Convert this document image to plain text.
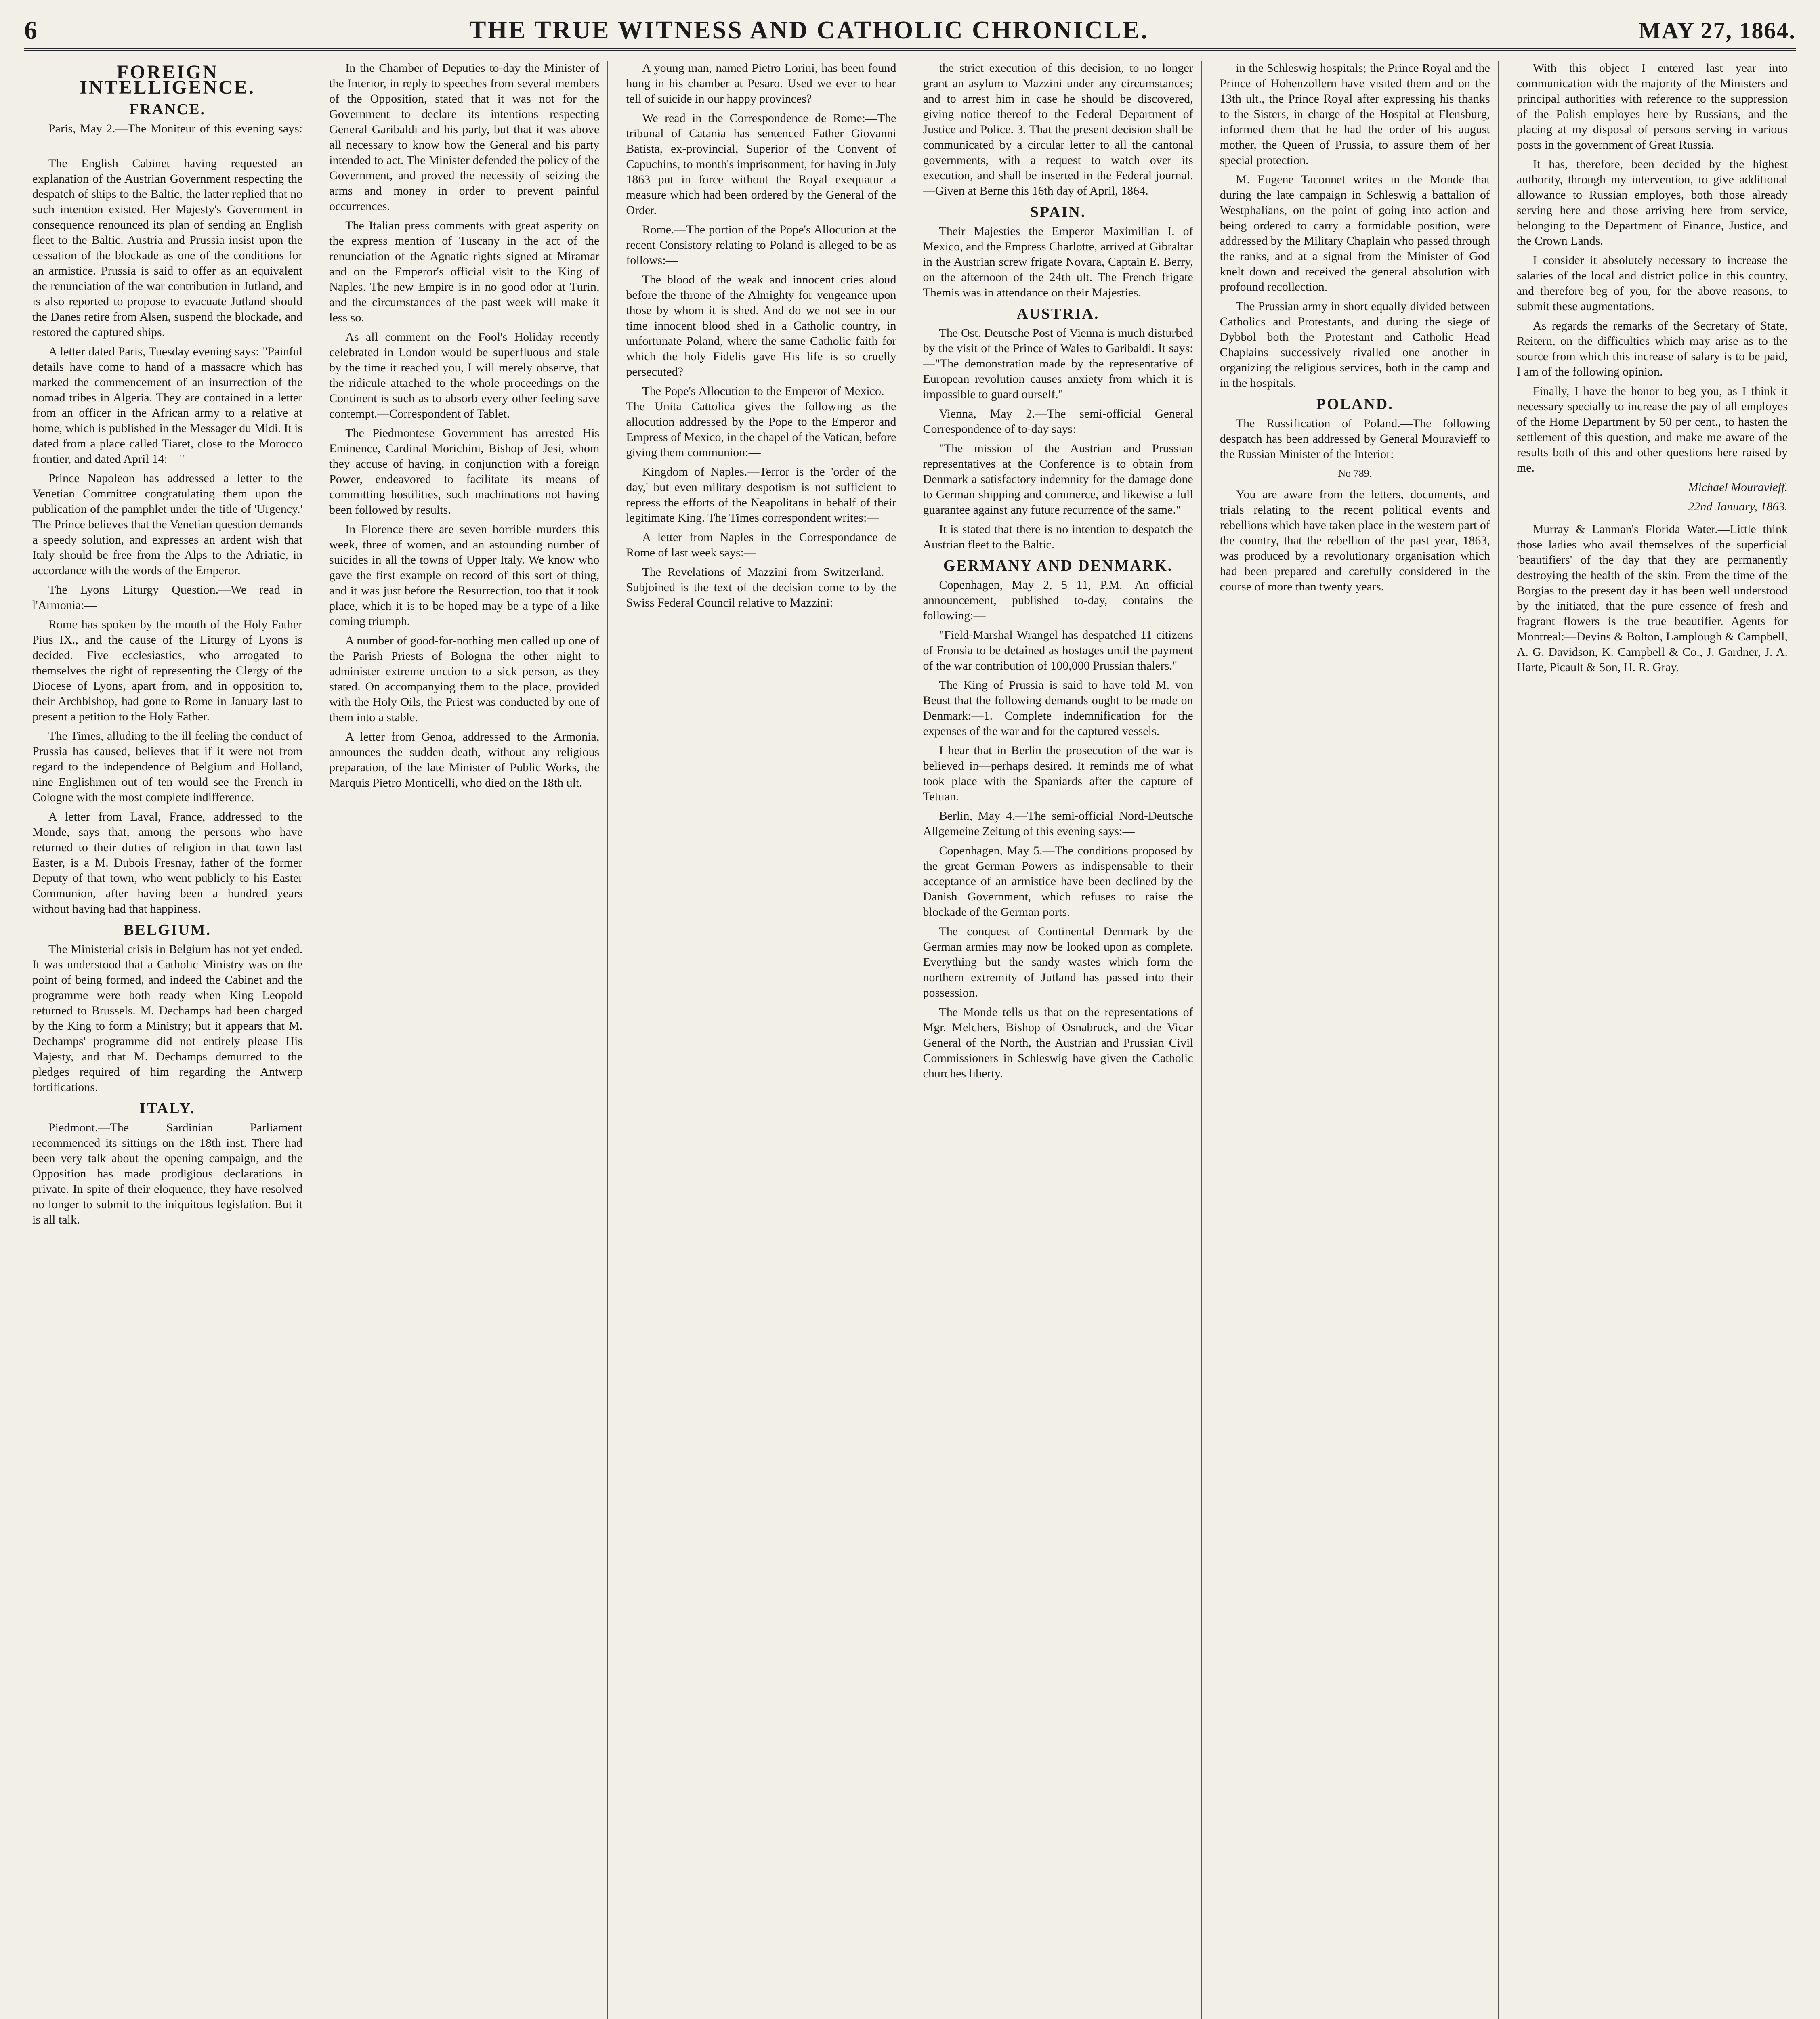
6	THE TRUE WITNESS AND CATHOLIC CHRONICLE.	MAY 27, 1864.
FOREIGN INTELLIGENCE.
FRANCE.

Paris, May 2.—The Moniteur of this evening says:—

The English Cabinet having requested an explanation of the Austrian Government respecting the despatch of ships to the Baltic, the latter replied that no such intention existed. Her Majesty's Government in consequence renounced its plan of sending an English fleet to the Baltic. Austria and Prussia insist upon the cessation of the blockade as one of the conditions for an armistice. Prussia is said to offer as an equivalent the renunciation of the war contribution in Jutland, and is also reported to propose to evacuate Jutland should the Danes retire from Alsen, suspend the blockade, and restored the captured ships.

A letter dated Paris, Tuesday evening says: "Painful details have come to hand of a massacre which has marked the commencement of an insurrection of the nomad tribes in Algeria. They are contained in a letter from an officer in the African army to a relative at home, which is published in the Messager du Midi. It is dated from a place called Tiaret, close to the Morocco frontier, and dated April 14:—"

Prince Napoleon has addressed a letter to the Venetian Committee congratulating them upon the publication of the pamphlet under the title of 'Urgency.' The Prince believes that the Venetian question demands a speedy solution, and expresses an ardent wish that Italy should be free from the Alps to the Adriatic, in accordance with the words of the Emperor.

The Lyons Liturgy Question.—We read in l'Armonia:—

Rome has spoken by the mouth of the Holy Father Pius IX., and the cause of the Liturgy of Lyons is decided. Five ecclesiastics, who arrogated to themselves the right of representing the Clergy of the Diocese of Lyons, apart from, and in opposition to, their Archbishop, had gone to Rome in January last to present a petition to the Holy Father.

The Times, alluding to the ill feeling the conduct of Prussia has caused, believes that if it were not from regard to the independence of Belgium and Holland, nine Englishmen out of ten would see the French in Cologne with the most complete indifference.

A letter from Laval, France, addressed to the Monde, says that, among the persons who have returned to their duties of religion in that town last Easter, is a M. Dubois Fresnay, father of the former Deputy of that town, who went publicly to his Easter Communion, after having been a hundred years without having had that happiness.

BELGIUM.

The Ministerial crisis in Belgium has not yet ended. It was understood that a Catholic Ministry was on the point of being formed, and indeed the Cabinet and the programme were both ready when King Leopold returned to Brussels. M. Dechamps had been charged by the King to form a Ministry; but it appears that M. Dechamps' programme did not entirely please His Majesty, and that M. Dechamps demurred to the pledges required of him regarding the Antwerp fortifications.

ITALY.

Piedmont.—The Sardinian Parliament recommenced its sittings on the 18th inst. There had been very talk about the opening campaign, and the Opposition has made prodigious declarations in private. In spite of their eloquence, they have resolved no longer to submit to the iniquitous legislation. But it is all talk.

In the Chamber of Deputies to-day the Minister of the Interior, in reply to speeches from several members of the Opposition, stated that it was not for the Government to declare its intentions respecting General Garibaldi and his party, but that it was above all necessary to know how the General and his party intended to act. The Minister defended the policy of the Government, and proved the necessity of seizing the arms and money in order to prevent painful occurrences.

The Italian press comments with great asperity on the express mention of Tuscany in the act of the renunciation of the Agnatic rights signed at Miramar and on the Emperor's official visit to the King of Naples. The new Empire is in no good odor at Turin, and the circumstances of the past week will make it less so.

As all comment on the Fool's Holiday recently celebrated in London would be superfluous and stale by the time it reached you, I will merely observe, that the ridicule attached to the whole proceedings on the Continent is such as to absorb every other feeling save contempt.—Correspondent of Tablet.

The Piedmontese Government has arrested His Eminence, Cardinal Morichini, Bishop of Jesi, whom they accuse of having, in conjunction with a foreign Power, endeavored to facilitate its means of committing hostilities, such machinations not having been followed by results.

In Florence there are seven horrible murders this week, three of women, and an astounding number of suicides in all the towns of Upper Italy. We know who gave the first example on record of this sort of thing, and it was just before the Resurrection, too that it took place, which it is to be hoped may be a type of a like coming triumph.

A number of good-for-nothing men called up one of the Parish Priests of Bologna the other night to administer extreme unction to a sick person, as they stated. On accompanying them to the place, provided with the Holy Oils, the Priest was conducted by one of them into a stable.

A letter from Genoa, addressed to the Armonia, announces the sudden death, without any religious preparation, of the late Minister of Public Works, the Marquis Pietro Monticelli, who died on the 18th ult.

A young man, named Pietro Lorini, has been found hung in his chamber at Pesaro. Used we ever to hear tell of suicide in our happy provinces?

We read in the Correspondence de Rome:—The tribunal of Catania has sentenced Father Giovanni Batista, ex-provincial, Superior of the Convent of Capuchins, to month's imprisonment, for having in July 1863 put in force without the Royal exequatur a measure which had been ordered by the General of the Order.

Rome.—The portion of the Pope's Allocution at the recent Consistory relating to Poland is alleged to be as follows:—

The blood of the weak and innocent cries aloud before the throne of the Almighty for vengeance upon those by whom it is shed. And do we not see in our time innocent blood shed in a Catholic country, in unfortunate Poland, where the same Catholic faith for which the holy Fidelis gave His life is so cruelly persecuted?

The Pope's Allocution to the Emperor of Mexico.—The Unita Cattolica gives the following as the allocution addressed by the Pope to the Emperor and Empress of Mexico, in the chapel of the Vatican, before giving them communion:—

Kingdom of Naples.—Terror is the 'order of the day,' but even military despotism is not sufficient to repress the efforts of the Neapolitans in behalf of their legitimate King. The Times correspondent writes:—

A letter from Naples in the Correspondance de Rome of last week says:—

The Revelations of Mazzini from Switzerland.—Subjoined is the text of the decision come to by the Swiss Federal Council relative to Mazzini:

the strict execution of this decision, to no longer grant an asylum to Mazzini under any circumstances; and to arrest him in case he should be discovered, giving notice thereof to the Federal Department of Justice and Police. 3. That the present decision shall be communicated by a circular letter to all the cantonal governments, with a request to watch over its execution, and shall be inserted in the Federal journal.—Given at Berne this 16th day of April, 1864.

SPAIN.

Their Majesties the Emperor Maximilian I. of Mexico, and the Empress Charlotte, arrived at Gibraltar in the Austrian screw frigate Novara, Captain E. Berry, on the afternoon of the 24th ult. The French frigate Themis was in attendance on their Majesties.

AUSTRIA.

The Ost. Deutsche Post of Vienna is much disturbed by the visit of the Prince of Wales to Garibaldi. It says:—"The demonstration made by the representative of European revolution causes anxiety from which it is impossible to guard ourself."

Vienna, May 2.—The semi-official General Correspondence of to-day says:—

"The mission of the Austrian and Prussian representatives at the Conference is to obtain from Denmark a satisfactory indemnity for the damage done to German shipping and commerce, and likewise a full guarantee against any future recurrence of the same."

It is stated that there is no intention to despatch the Austrian fleet to the Baltic.

GERMANY AND DENMARK.

Copenhagen, May 2, 5 11, P.M.—An official announcement, published to-day, contains the following:—

"Field-Marshal Wrangel has despatched 11 citizens of Fronsia to be detained as hostages until the payment of the war contribution of 100,000 Prussian thalers."

The King of Prussia is said to have told M. von Beust that the following demands ought to be made on Denmark:—1. Complete indemnification for the expenses of the war and for the captured vessels.

I hear that in Berlin the prosecution of the war is believed in—perhaps desired. It reminds me of what took place with the Spaniards after the capture of Tetuan.

Berlin, May 4.—The semi-official Nord-Deutsche Allgemeine Zeitung of this evening says:—

Copenhagen, May 5.—The conditions proposed by the great German Powers as indispensable to their acceptance of an armistice have been declined by the Danish Government, which refuses to raise the blockade of the German ports.

The conquest of Continental Denmark by the German armies may now be looked upon as complete. Everything but the sandy wastes which form the northern extremity of Jutland has passed into their possession.

The Monde tells us that on the representations of Mgr. Melchers, Bishop of Osnabruck, and the Vicar General of the North, the Austrian and Prussian Civil Commissioners in Schleswig have given the Catholic churches liberty.

in the Schleswig hospitals; the Prince Royal and the Prince of Hohenzollern have visited them and on the 13th ult., the Prince Royal after expressing his thanks to the Sisters, in charge of the Hospital at Flensburg, informed them that he had the order of his august mother, the Queen of Prussia, to assure them of her special protection.

M. Eugene Taconnet writes in the Monde that during the late campaign in Schleswig a battalion of Westphalians, on the point of going into action and being ordered to carry a formidable position, were addressed by the Military Chaplain who passed through the ranks, and at a signal from the Minister of God knelt down and received the general absolution with profound recollection.

The Prussian army in short equally divided between Catholics and Protestants, and during the siege of Dybbol both the Protestant and Catholic Head Chaplains successively rivalled one another in organizing the religious services, both in the camp and in the hospitals.

POLAND.

The Russification of Poland.—The following despatch has been addressed by General Mouravieff to the Russian Minister of the Interior:—

No 789.

You are aware from the letters, documents, and trials relating to the recent political events and rebellions which have taken place in the western part of the country, that the rebellion of the past year, 1863, was produced by a revolutionary organisation which had been prepared and carefully considered in the course of more than twenty years.

With this object I entered last year into communication with the majority of the Ministers and principal authorities with reference to the suppression of the Polish employes here by Russians, and the placing at my disposal of persons serving in various posts in the government of Great Russia.

It has, therefore, been decided by the highest authority, through my intervention, to give additional allowance to Russian employes, both those already serving here and those arriving here from service, belonging to the Department of Finance, Justice, and the Crown Lands.

I consider it absolutely necessary to increase the salaries of the local and district police in this country, and therefore beg of you, for the above reasons, to submit these augmentations.

As regards the remarks of the Secretary of State, Reitern, on the difficulties which may arise as to the source from which this increase of salary is to be paid, I am of the following opinion.

Finally, I have the honor to beg you, as I think it necessary specially to increase the pay of all employes of the Home Department by 50 per cent., to hasten the settlement of this question, and make me aware of the results both of this and other questions here raised by me.

Michael Mouravieff.

22nd January, 1863.

Murray & Lanman's Florida Water.—Little think those ladies who avail themselves of the superficial 'beautifiers' of the day that they are permanently destroying the health of the skin. From the time of the Borgias to the present day it has been well understood by the initiated, that the pure essence of fresh and fragrant flowers is the true beautifier. Agents for Montreal:—Devins & Bolton, Lamplough & Campbell, A. G. Davidson, K. Campbell & Co., J. Gardner, J. A. Harte, Picault & Son, H. R. Gray.
